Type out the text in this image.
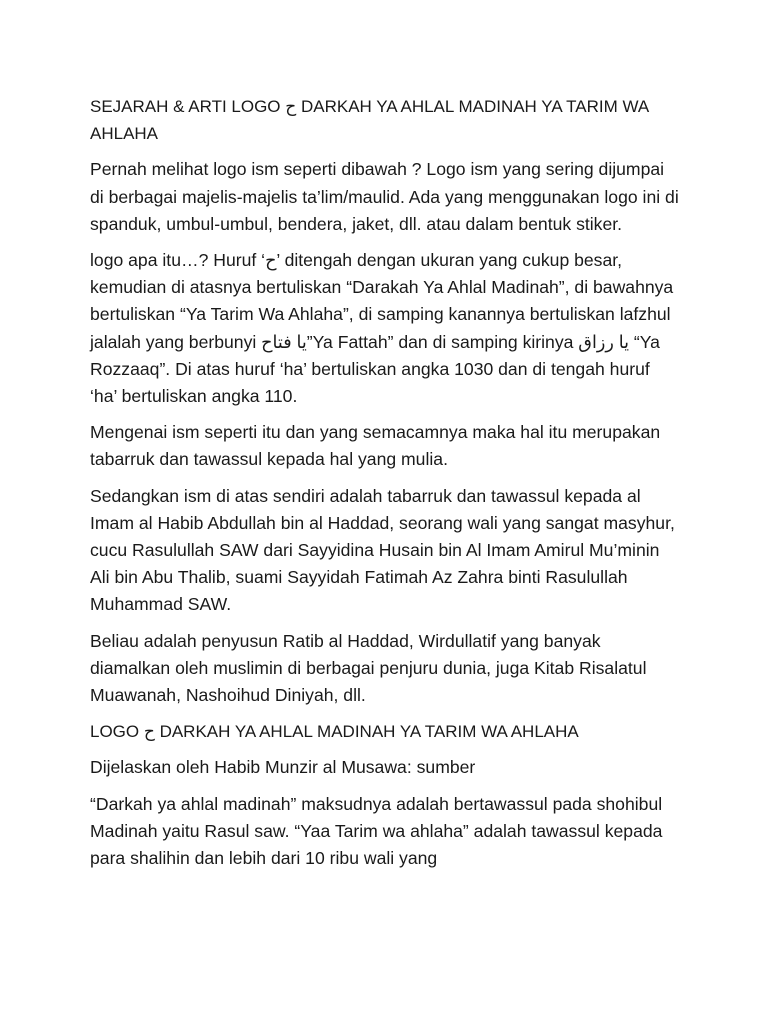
SEJARAH & ARTI LOGO ح DARKAH YA AHLAL MADINAH YA TARIM WA AHLAHA

Pernah melihat logo ism seperti dibawah ? Logo ism yang sering dijumpai di berbagai majelis-majelis ta’lim/maulid. Ada yang menggunakan logo ini di spanduk, umbul-umbul, bendera, jaket, dll. atau dalam bentuk stiker.

logo apa itu…? Huruf ‘ح’ ditengah dengan ukuran yang cukup besar, kemudian di atasnya bertuliskan “Darakah Ya Ahlal Madinah”, di bawahnya bertuliskan “Ya Tarim Wa Ahlaha”, di samping kanannya bertuliskan lafzhul jalalah yang berbunyi يا فتاح”Ya Fattah” dan di samping kirinya يا رزاق “Ya Rozzaaq”. Di atas huruf ‘ha’ bertuliskan angka 1030 dan di tengah huruf ‘ha’ bertuliskan angka 110.

Mengenai ism seperti itu dan yang semacamnya maka hal itu merupakan tabarruk dan tawassul kepada hal yang mulia.

Sedangkan ism di atas sendiri adalah tabarruk dan tawassul kepada al Imam al Habib Abdullah bin al Haddad, seorang wali yang sangat masyhur, cucu Rasulullah SAW dari Sayyidina Husain bin Al Imam Amirul Mu’minin Ali bin Abu Thalib, suami Sayyidah Fatimah Az Zahra binti Rasulullah Muhammad SAW.

Beliau adalah penyusun Ratib al Haddad, Wirdullatif yang banyak diamalkan oleh muslimin di berbagai penjuru dunia, juga Kitab Risalatul Muawanah, Nashoihud Diniyah, dll.

LOGO ح DARKAH YA AHLAL MADINAH YA TARIM WA AHLAHA

Dijelaskan oleh Habib Munzir al Musawa: sumber

“Darkah ya ahlal madinah” maksudnya adalah bertawassul pada shohibul Madinah yaitu Rasul saw. “Yaa Tarim wa ahlaha” adalah tawassul kepada para shalihin dan lebih dari 10 ribu wali yang
